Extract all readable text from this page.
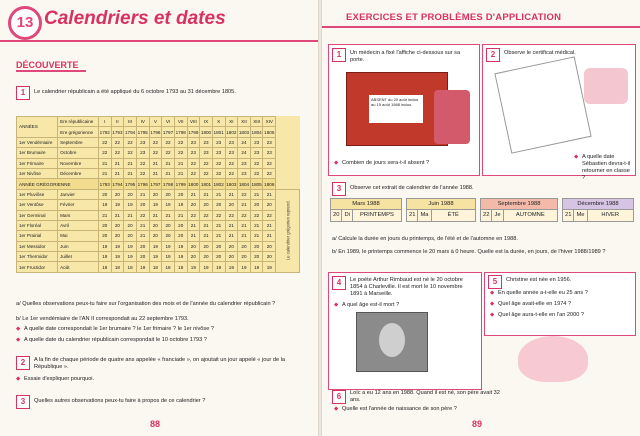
13 Calendriers et dates
DÉCOUVERTE
1	Le calendrier républicain a été appliqué du 6 octobre 1793 au 31 décembre 1805.
ANNÉES	Ere républicaine	I	II	III	IV	V	VI	VII	VIII	IX	X	XI	XII	XIII	XIV	
	Ere grégorienne	1792	1793	1794	1795	1796	1797	1798	1799	1800	1801	1802	1803	1804	1805	
1er Vendémiaire	Septembre	22	22	22	23	22	22	22	23	23	23	23	24	23	23	
1er Brumaire	Octobre	22	22	22	23	22	22	22	23	23	23	23	24	23	23	
1er Frimaire	Novembre	21	21	21	22	21	21	21	22	22	22	22	23	22	22	
1er Nivôse	Décembre	21	21	21	22	21	21	21	22	22	22	22	23	22	22	
ANNÉE GRÉGORIENNE		1793	1794	1795	1796	1797	1798	1799	1800	1801	1802	1803	1804	1805	1806	
1er Pluviôse	Janvier	20	20	20	21	20	20	20	21	21	21	21	22	21	21	Le calendrier grégorien reprend.
1er Ventôse	Février	19	19	19	20	19	19	19	20	20	20	20	21	20	20	
1er Germinal	Mars	21	21	21	22	21	21	21	22	22	22	22	22	22	22	
1er Floréal	Avril	20	20	20	21	20	20	20	21	21	21	21	21	21	21	
1er Prairial	Mai	20	20	20	21	20	20	20	21	21	21	21	21	21	21	
1er Messidor	Juin	19	19	19	20	19	19	19	20	20	20	20	20	20	20	
1er Thermidor	Juillet	19	19	19	20	19	19	19	20	20	20	20	20	20	20	
1er Fructidor	Août	18	18	18	19	18	18	18	19	19	19	19	19	19	19	
a/ Quelles observations peux-tu faire sur l'organisation des mois et de l'année du calendrier républicain ?
b/ Le 1er vendémiaire de l'AN II correspondait au 22 septembre 1793.
◆ A quelle date correspondait le 1er brumaire ? le 1er frimaire ? le 1er nivôse ?
◆ A quelle date du calendrier républicain correspondait le 10 octobre 1793 ?
2	A la fin de chaque période de quatre ans appelée « franciade », on ajoutait un jour appelé « jour de la République ».
◆ Essaie d'expliquer pourquoi.
3	Quelles autres observations peux-tu faire à propos de ce calendrier ?
88
EXERCICES ET PROBLÈMES D'APPLICATION
1	Un médecin a fixé l'affiche ci-dessous sur sa porte.
ABSENT du 20 août inclus au 15 août 1988 inclus
◆ Combien de jours sera-t-il absent ?
2	Observe le certificat médical.
◆ A quelle date Sébastien devra-t-il retourner en classe ?
3	Observe cet extrait de calendrier de l'année 1988.
Mars 1988
20 Di	PRINTEMPS
Juin 1988
21 Ma	ÉTÉ
Septembre 1988
22 Je	AUTOMNE
Décembre 1988
21 Me	HIVER
a/ Calcule la durée en jours du printemps, de l'été et de l'automne en 1988.
b/ En 1989, le printemps commence le 20 mars à 0 heure. Quelle est la durée, en jours, de l'hiver 1988/1989 ?
4	Le poète Arthur Rimbaud est né le 20 octobre 1854 à Charleville. Il est mort le 10 novembre 1891 à Marseille.
◆ A quel âge est-il mort ?
5	Christine est née en 1956.
◆ En quelle année a-t-elle eu 25 ans ?
◆ Quel âge avait-elle en 1974 ?
◆ Quel âge aura-t-elle en l'an 2000 ?
6	Loïc a eu 12 ans en 1988. Quand il est né, son père avait 32 ans.
◆ Quelle est l'année de naissance de son père ?
89
